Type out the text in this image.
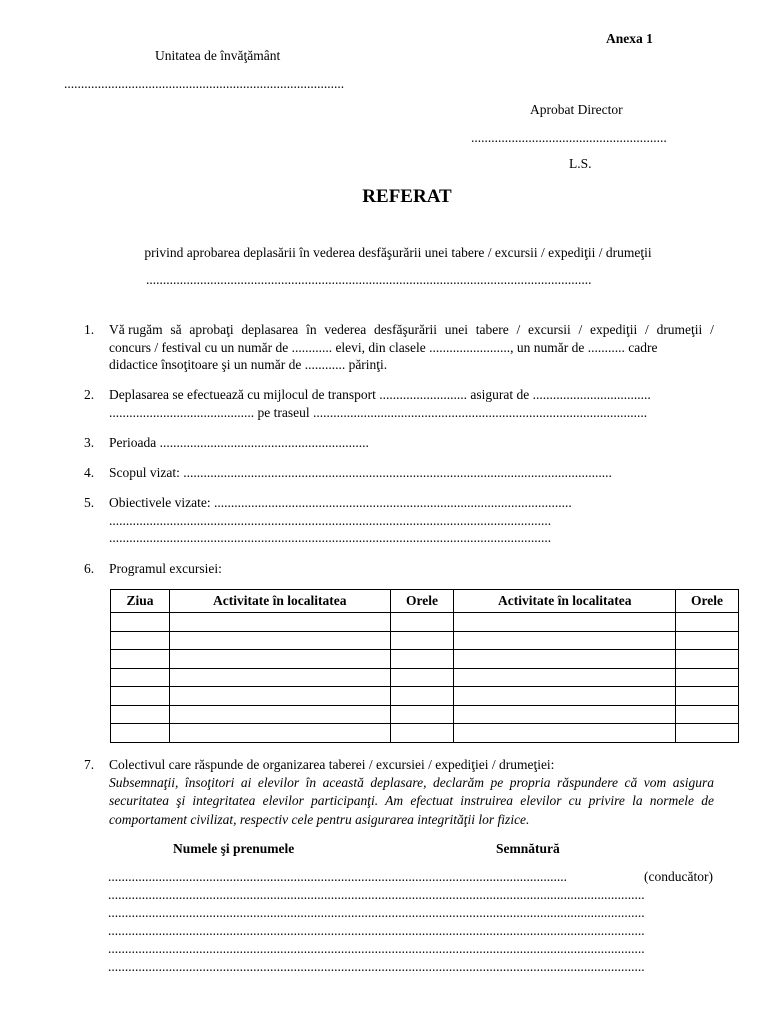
Anexa 1
Unitatea de învăţământ
...................................................................................
Aprobat Director
..........................................................
L.S.
REFERAT
privind aprobarea deplasării în vederea desfăşurării unei tabere / excursii / expediţii / drumeţii
....................................................................................................................................
1.	Vă rugăm să aprobaţi deplasarea în vederea desfăşurării unei tabere / excursii / expediţii / drumeţii /
concurs / festival cu un număr de ............ elevi, din clasele ........................, un număr de ........... cadre
didactice însoţitoare şi un număr de ............ părinţi.
2.	Deplasarea se efectuează cu mijlocul de transport .......................... asigurat de ...................................
........................................... pe traseul ...................................................................................................
3.	Perioada ..............................................................
4.	Scopul vizat: ...............................................................................................................................
5.	Obiectivele vizate: ..........................................................................................................
...................................................................................................................................
...................................................................................................................................
6.	Programul excursiei:
Ziua	Activitate în localitatea	Orele	Activitate în localitatea	Orele

7.	Colectivul care răspunde de organizarea taberei / excursiei / expediţiei / drumeţiei:
Subsemnaţii, însoţitori ai elevilor în această deplasare, declarăm pe propria răspundere că vom asigura securitatea şi integritatea elevilor participanţi. Am efectuat instruirea elevilor cu privire la normele de comportament civilizat, respectiv cele pentru asigurarea integrităţii lor fizice.
Numele şi prenumele	Semnătură
........................................................................................................................................	(conducător)
...............................................................................................................................................................
...............................................................................................................................................................
...............................................................................................................................................................
...............................................................................................................................................................
...............................................................................................................................................................
